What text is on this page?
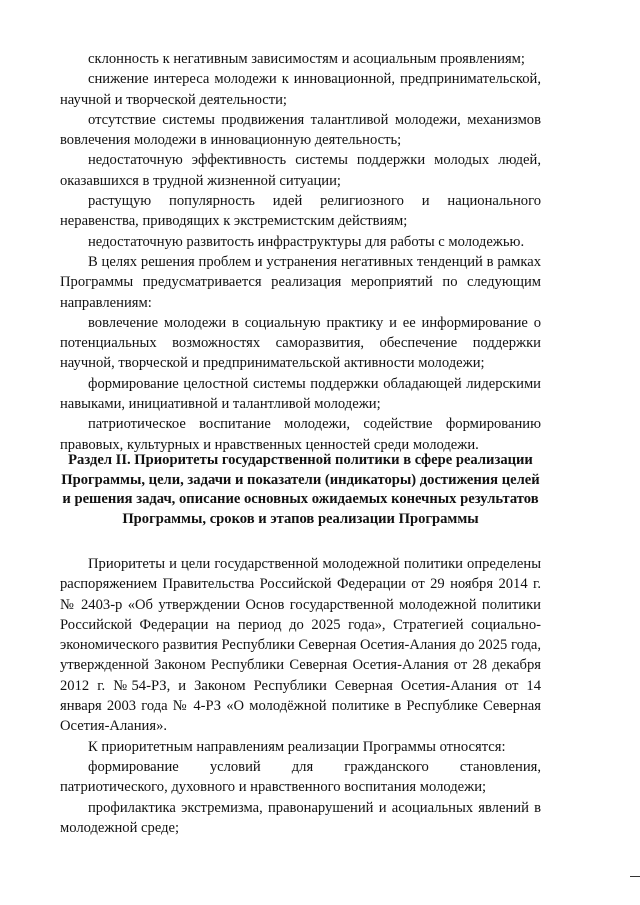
склонность к негативным зависимостям и асоциальным проявлениям;

снижение интереса молодежи к инновационной, предпринимательской, научной и творческой деятельности;

отсутствие системы продвижения талантливой молодежи, механизмов вовлечения молодежи в инновационную деятельность;

недостаточную эффективность системы поддержки молодых людей, оказавшихся в трудной жизненной ситуации;

растущую популярность идей религиозного и национального неравенства, приводящих к экстремистским действиям;

недостаточную развитость инфраструктуры для работы с молодежью.

В целях решения проблем и устранения негативных тенденций в рамках Программы предусматривается реализация мероприятий по следующим направлениям:

вовлечение молодежи в социальную практику и ее информирование о потенциальных возможностях саморазвития, обеспечение поддержки научной, творческой и предпринимательской активности молодежи;

формирование целостной системы поддержки обладающей лидерскими навыками, инициативной и талантливой молодежи;

патриотическое воспитание молодежи, содействие формированию правовых, культурных и нравственных ценностей среди молодежи.

Раздел II. Приоритеты государственной политики в сфере реализации Программы, цели, задачи и показатели (индикаторы) достижения целей и решения задач, описание основных ожидаемых конечных результатов Программы, сроков и этапов реализации Программы

Приоритеты и цели государственной молодежной политики определены распоряжением Правительства Российской Федерации от 29 ноября 2014 г. № 2403-р «Об утверждении Основ государственной молодежной политики Российской Федерации на период до 2025 года», Стратегией социально-экономического развития Республики Северная Осетия-Алания до 2025 года, утвержденной Законом Республики Северная Осетия-Алания от 28 декабря 2012 г. №54-РЗ, и Законом Республики Северная Осетия-Алания от 14 января 2003 года № 4-РЗ «О молодёжной политике в Республике Северная Осетия-Алания».

К приоритетным направлениям реализации Программы относятся:

формирование условий для гражданского становления, патриотического, духовного и нравственного воспитания молодежи;

профилактика экстремизма, правонарушений и асоциальных явлений в молодежной среде;
